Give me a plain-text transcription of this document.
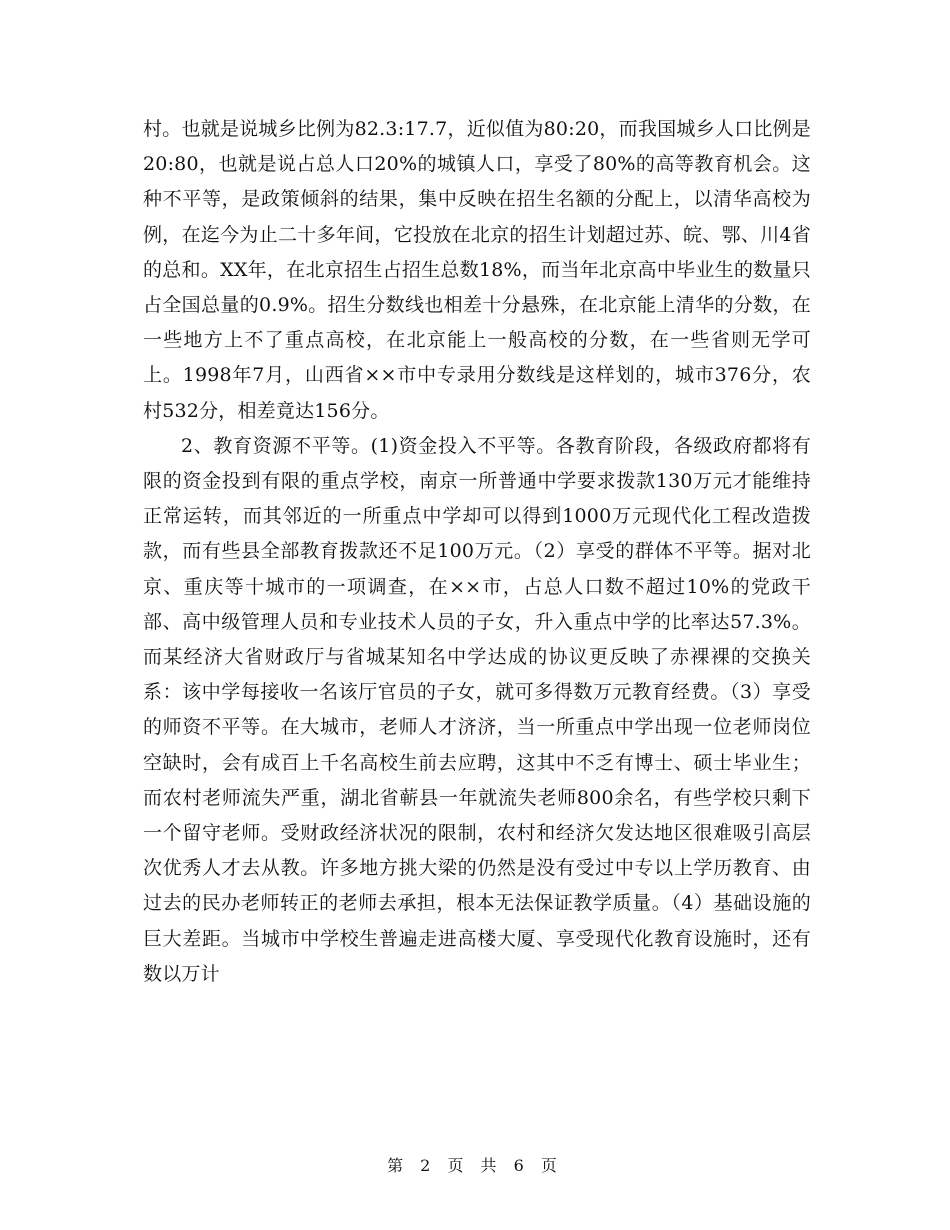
村。也就是说城乡比例为82.3:17.7，近似值为80:20，而我国城乡人口比例是20:80，也就是说占总人口20%的城镇人口，享受了80%的高等教育机会。这种不平等，是政策倾斜的结果，集中反映在招生名额的分配上，以清华高校为例，在迄今为止二十多年间，它投放在北京的招生计划超过苏、皖、鄂、川4省的总和。XX年，在北京招生占招生总数18%，而当年北京高中毕业生的数量只占全国总量的0.9%。招生分数线也相差十分悬殊，在北京能上清华的分数，在一些地方上不了重点高校，在北京能上一般高校的分数，在一些省则无学可上。1998年7月，山西省××市中专录用分数线是这样划的，城市376分，农村532分，相差竟达156分。

2、教育资源不平等。(1)资金投入不平等。各教育阶段，各级政府都将有限的资金投到有限的重点学校，南京一所普通中学要求拨款130万元才能维持正常运转，而其邻近的一所重点中学却可以得到1000万元现代化工程改造拨款，而有些县全部教育拨款还不足100万元。（2）享受的群体不平等。据对北京、重庆等十城市的一项调查，在××市，占总人口数不超过10%的党政干部、高中级管理人员和专业技术人员的子女，升入重点中学的比率达57.3%。而某经济大省财政厅与省城某知名中学达成的协议更反映了赤裸裸的交换关系：该中学每接收一名该厅官员的子女，就可多得数万元教育经费。（3）享受的师资不平等。在大城市，老师人才济济，当一所重点中学出现一位老师岗位空缺时，会有成百上千名高校生前去应聘，这其中不乏有博士、硕士毕业生；而农村老师流失严重，湖北省蕲县一年就流失老师800余名，有些学校只剩下一个留守老师。受财政经济状况的限制，农村和经济欠发达地区很难吸引高层次优秀人才去从教。许多地方挑大梁的仍然是没有受过中专以上学历教育、由过去的民办老师转正的老师去承担，根本无法保证教学质量。（4）基础设施的巨大差距。当城市中学校生普遍走进高楼大厦、享受现代化教育设施时，还有数以万计

第 2 页 共 6 页
